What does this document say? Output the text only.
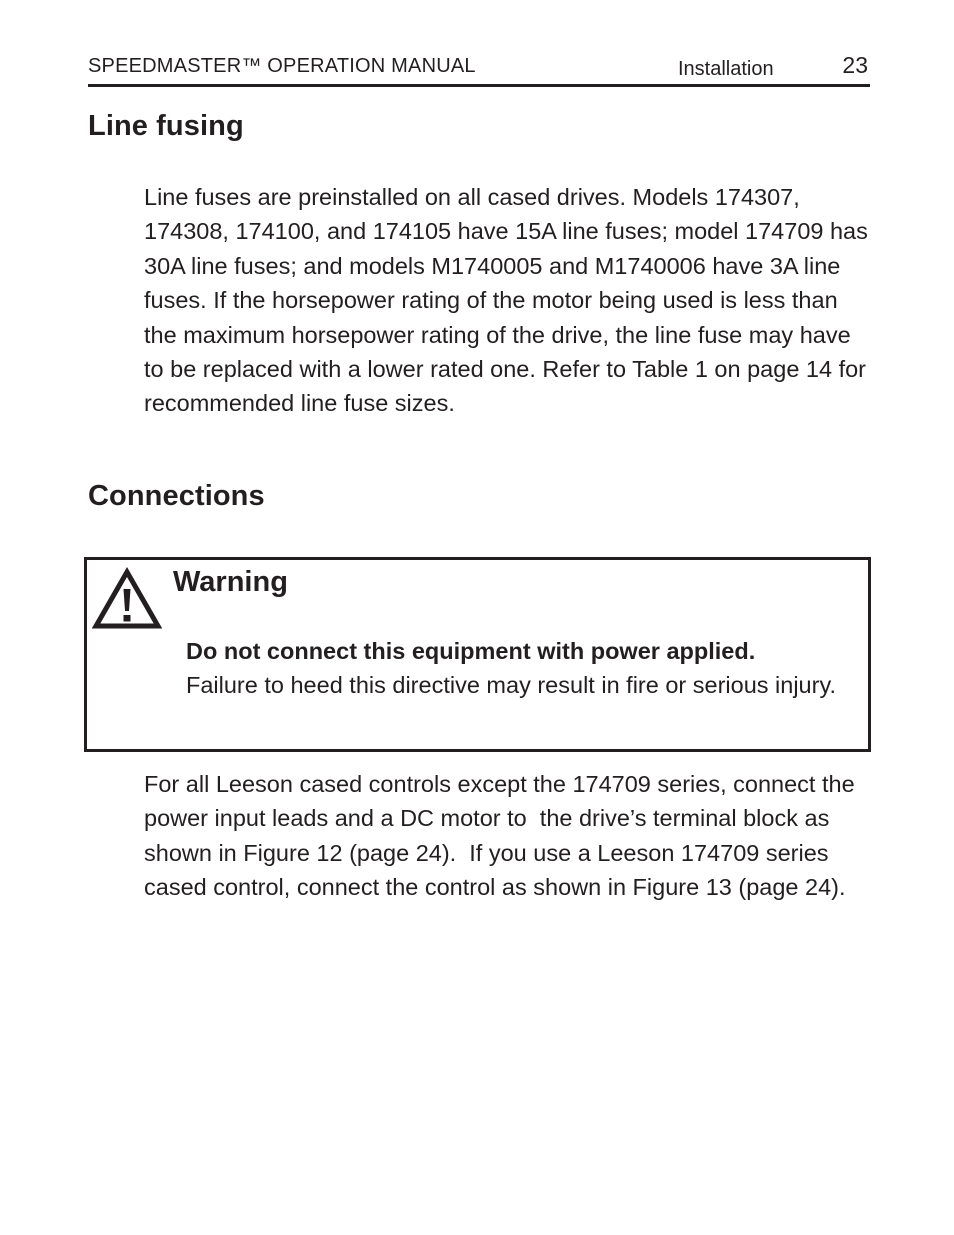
SPEEDMASTER™ OPERATION MANUAL	Installation	23
Line fusing

Line fuses are preinstalled on all cased drives. Models 174307, 174308, 174100, and 174105 have 15A line fuses; model 174709 has 30A line fuses; and models M1740005 and M1740006 have 3A line fuses. If the horsepower rating of the motor being used is less than the maximum horsepower rating of the drive, the line fuse may have to be replaced with a lower rated one. Refer to Table 1 on page 14 for recommended line fuse sizes.

Connections
Warning

Do not connect this equipment with power applied.
Failure to heed this directive may result in fire or serious injury.

For all Leeson cased controls except the 174709 series, connect the power input leads and a DC motor to  the drive’s terminal block as shown in Figure 12 (page 24).  If you use a Leeson 174709 series cased control, connect the control as shown in Figure 13 (page 24).
